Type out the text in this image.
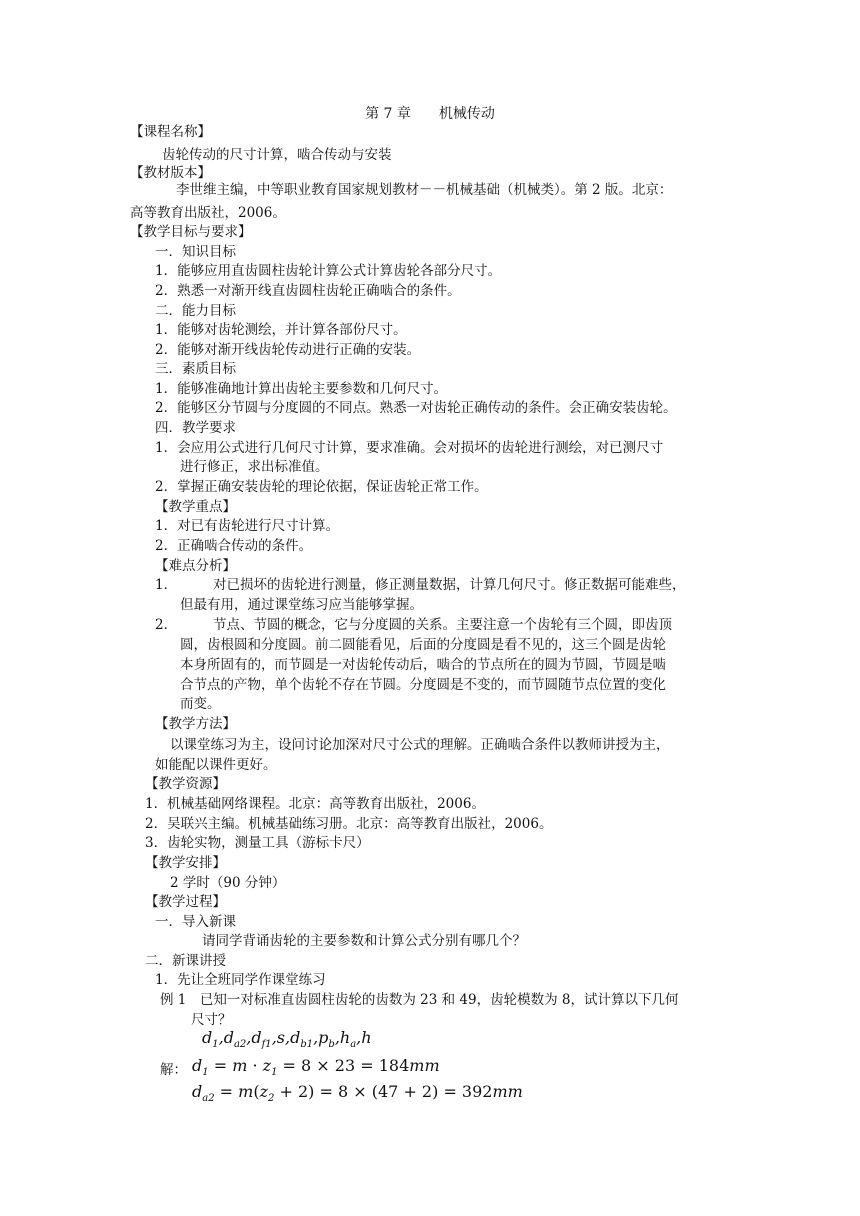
第 7 章　　机械传动
【课程名称】
齿轮传动的尺寸计算，啮合传动与安装
【教材版本】
李世维主编，中等职业教育国家规划教材－－机械基础（机械类）。第 2 版。北京：
高等教育出版社，2006。
【教学目标与要求】
一．知识目标
1．能够应用直齿圆柱齿轮计算公式计算齿轮各部分尺寸。
2．熟悉一对渐开线直齿圆柱齿轮正确啮合的条件。
二．能力目标
1．能够对齿轮测绘，并计算各部份尺寸。
2．能够对渐开线齿轮传动进行正确的安装。
三．素质目标
1．能够准确地计算出齿轮主要参数和几何尺寸。
2．能够区分节圆与分度圆的不同点。熟悉一对齿轮正确传动的条件。会正确安装齿轮。
四．教学要求
1．会应用公式进行几何尺寸计算，要求准确。会对损坏的齿轮进行测绘，对已测尺寸
进行修正，求出标准值。
2．掌握正确安装齿轮的理论依据，保证齿轮正常工作。
【教学重点】
1．对已有齿轮进行尺寸计算。
2．正确啮合传动的条件。
【难点分析】
1．	对已损坏的齿轮进行测量，修正测量数据，计算几何尺寸。修正数据可能难些，
但最有用，通过课堂练习应当能够掌握。
2．	节点、节圆的概念，它与分度圆的关系。主要注意一个齿轮有三个圆，即齿顶
圆，齿根圆和分度圆。前二圆能看见，后面的分度圆是看不见的，这三个圆是齿轮
本身所固有的，而节圆是一对齿轮传动后，啮合的节点所在的圆为节圆，节圆是啮
合节点的产物，单个齿轮不存在节圆。分度圆是不变的，而节圆随节点位置的变化
而变。
【教学方法】
以课堂练习为主，设问讨论加深对尺寸公式的理解。正确啮合条件以教师讲授为主，
如能配以课件更好。
【教学资源】
1．机械基础网络课程。北京：高等教育出版社，2006。
2．吴联兴主编。机械基础练习册。北京：高等教育出版社，2006。
3．齿轮实物，测量工具（游标卡尺）
【教学安排】
2 学时（90 分钟）
【教学过程】
一．导入新课
请同学背诵齿轮的主要参数和计算公式分别有哪几个？
二．新课讲授
1．先让全班同学作课堂练习
例 1　已知一对标准直齿圆柱齿轮的齿数为 23 和 49，齿轮模数为 8，试计算以下几何
尺寸？
$d_1,d_{a2},d_{f1},s,d_{b1},p_b,h_a,h$
解： $d_1 = m \cdot z_1 = 8 \times 23 = 184mm$
$d_{a2} = m(z_2 + 2) = 8 \times (47 + 2) = 392mm$
